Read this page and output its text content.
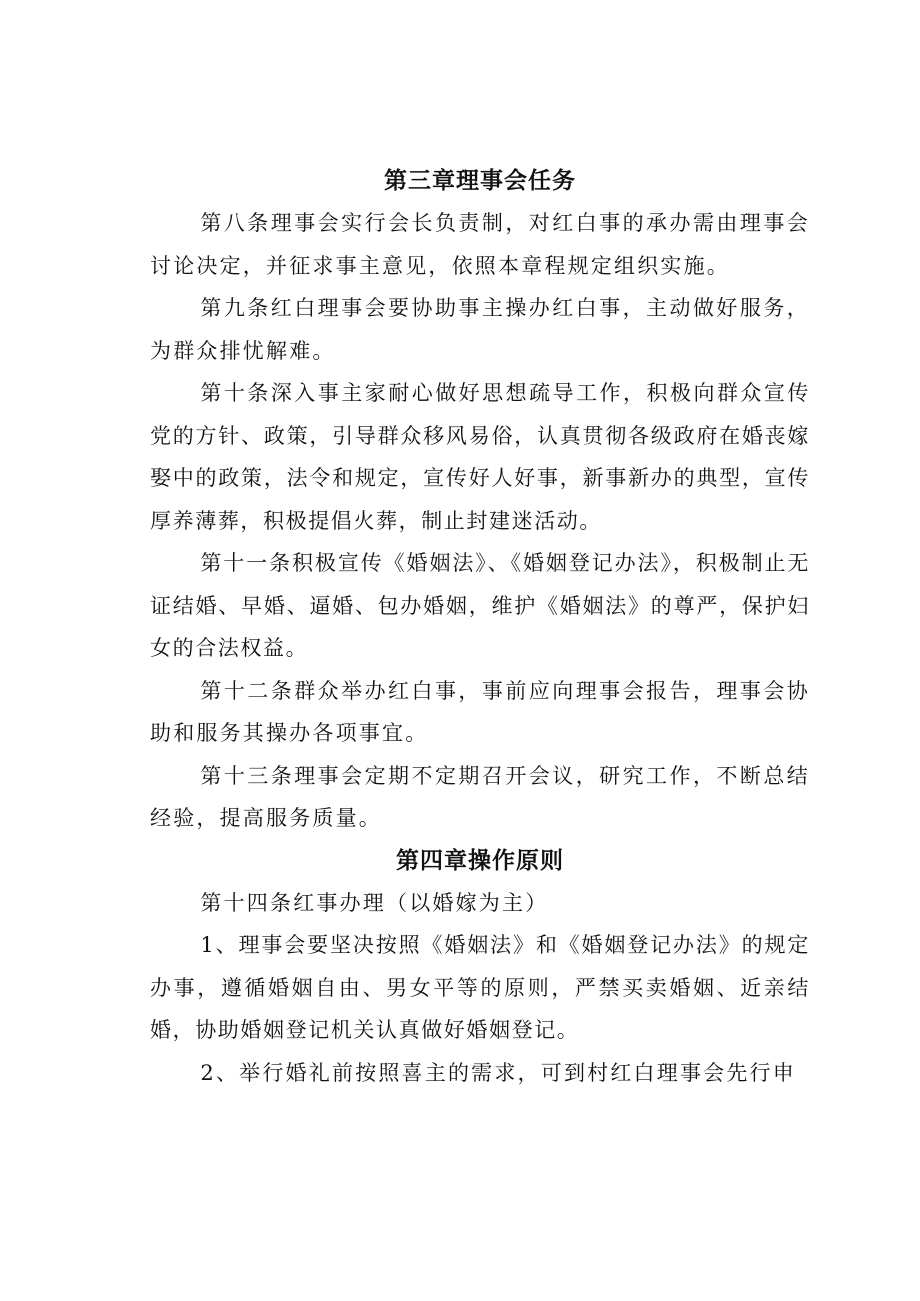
第三章理事会任务

第八条理事会实行会长负责制，对红白事的承办需由理事会讨论决定，并征求事主意见，依照本章程规定组织实施。

第九条红白理事会要协助事主操办红白事，主动做好服务，为群众排忧解难。

第十条深入事主家耐心做好思想疏导工作，积极向群众宣传党的方针、政策，引导群众移风易俗，认真贯彻各级政府在婚丧嫁娶中的政策，法令和规定，宣传好人好事，新事新办的典型，宣传厚养薄葬，积极提倡火葬，制止封建迷活动。

第十一条积极宣传《婚姻法》、《婚姻登记办法》，积极制止无证结婚、早婚、逼婚、包办婚姻，维护《婚姻法》的尊严，保护妇女的合法权益。

第十二条群众举办红白事，事前应向理事会报告，理事会协助和服务其操办各项事宜。

第十三条理事会定期不定期召开会议，研究工作，不断总结经验，提高服务质量。

第四章操作原则

第十四条红事办理（以婚嫁为主）

1、理事会要坚决按照《婚姻法》和《婚姻登记办法》的规定办事，遵循婚姻自由、男女平等的原则，严禁买卖婚姻、近亲结婚，协助婚姻登记机关认真做好婚姻登记。

2、举行婚礼前按照喜主的需求，可到村红白理事会先行申
